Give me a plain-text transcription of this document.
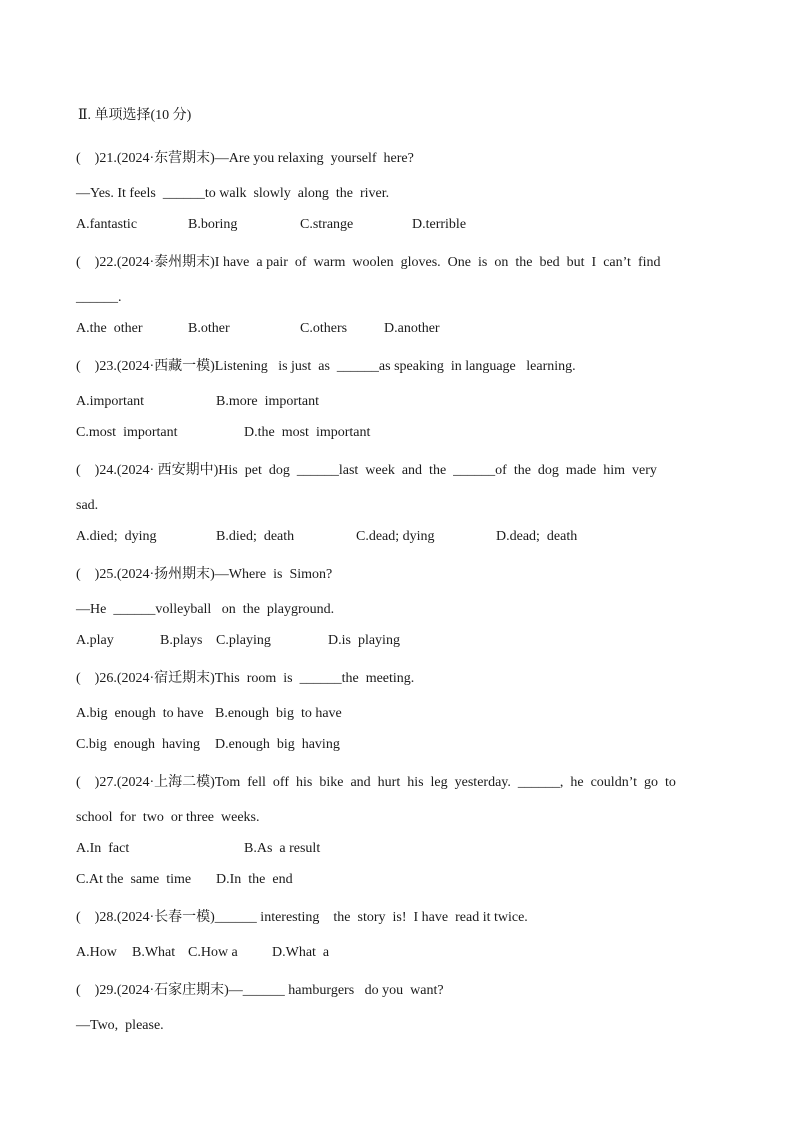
Ⅱ. 单项选择(10 分)
(    )21.(2024·东营期末)—Are you relaxing  yourself  here?
—Yes. It feels  ______to walk  slowly  along  the  river.
A.fantastic	B.boring	C.strange	D.terrible
(    )22.(2024·泰州期末)I have  a pair  of  warm  woolen  gloves.  One  is  on  the  bed  but  I  can’t  find
______.
A.the  other	B.other	C.others	D.another
(    )23.(2024·西藏一模)Listening   is just  as  ______as speaking  in language   learning.
A.important	B.more  important
C.most  important	D.the  most  important
(    )24.(2024· 西安期中)His  pet  dog  ______last  week  and  the  ______of  the  dog  made  him  very
sad.
A.died;  dying	B.died;  death	C.dead; dying	D.dead;  death
(    )25.(2024·扬州期末)—Where  is  Simon?
—He  ______volleyball   on  the  playground.
A.play	B.plays C.playing	D.is  playing
(    )26.(2024·宿迁期末)This  room  is  ______the  meeting.
A.big  enough  to have B.enough  big  to have
C.big  enough  having D.enough  big  having
(    )27.(2024·上海二模)Tom  fell  off  his  bike  and  hurt  his  leg  yesterday.  ______,  he  couldn’t  go  to
school  for  two  or three  weeks.
A.In  fact	B.As  a result
C.At the  same  time D.In  the  end
(    )28.(2024·长春一模)______ interesting    the  story  is!  I have  read it twice.
A.How B.What C.How a D.What  a
(    )29.(2024·石家庄期末)—______ hamburgers   do you  want?
—Two,  please.
